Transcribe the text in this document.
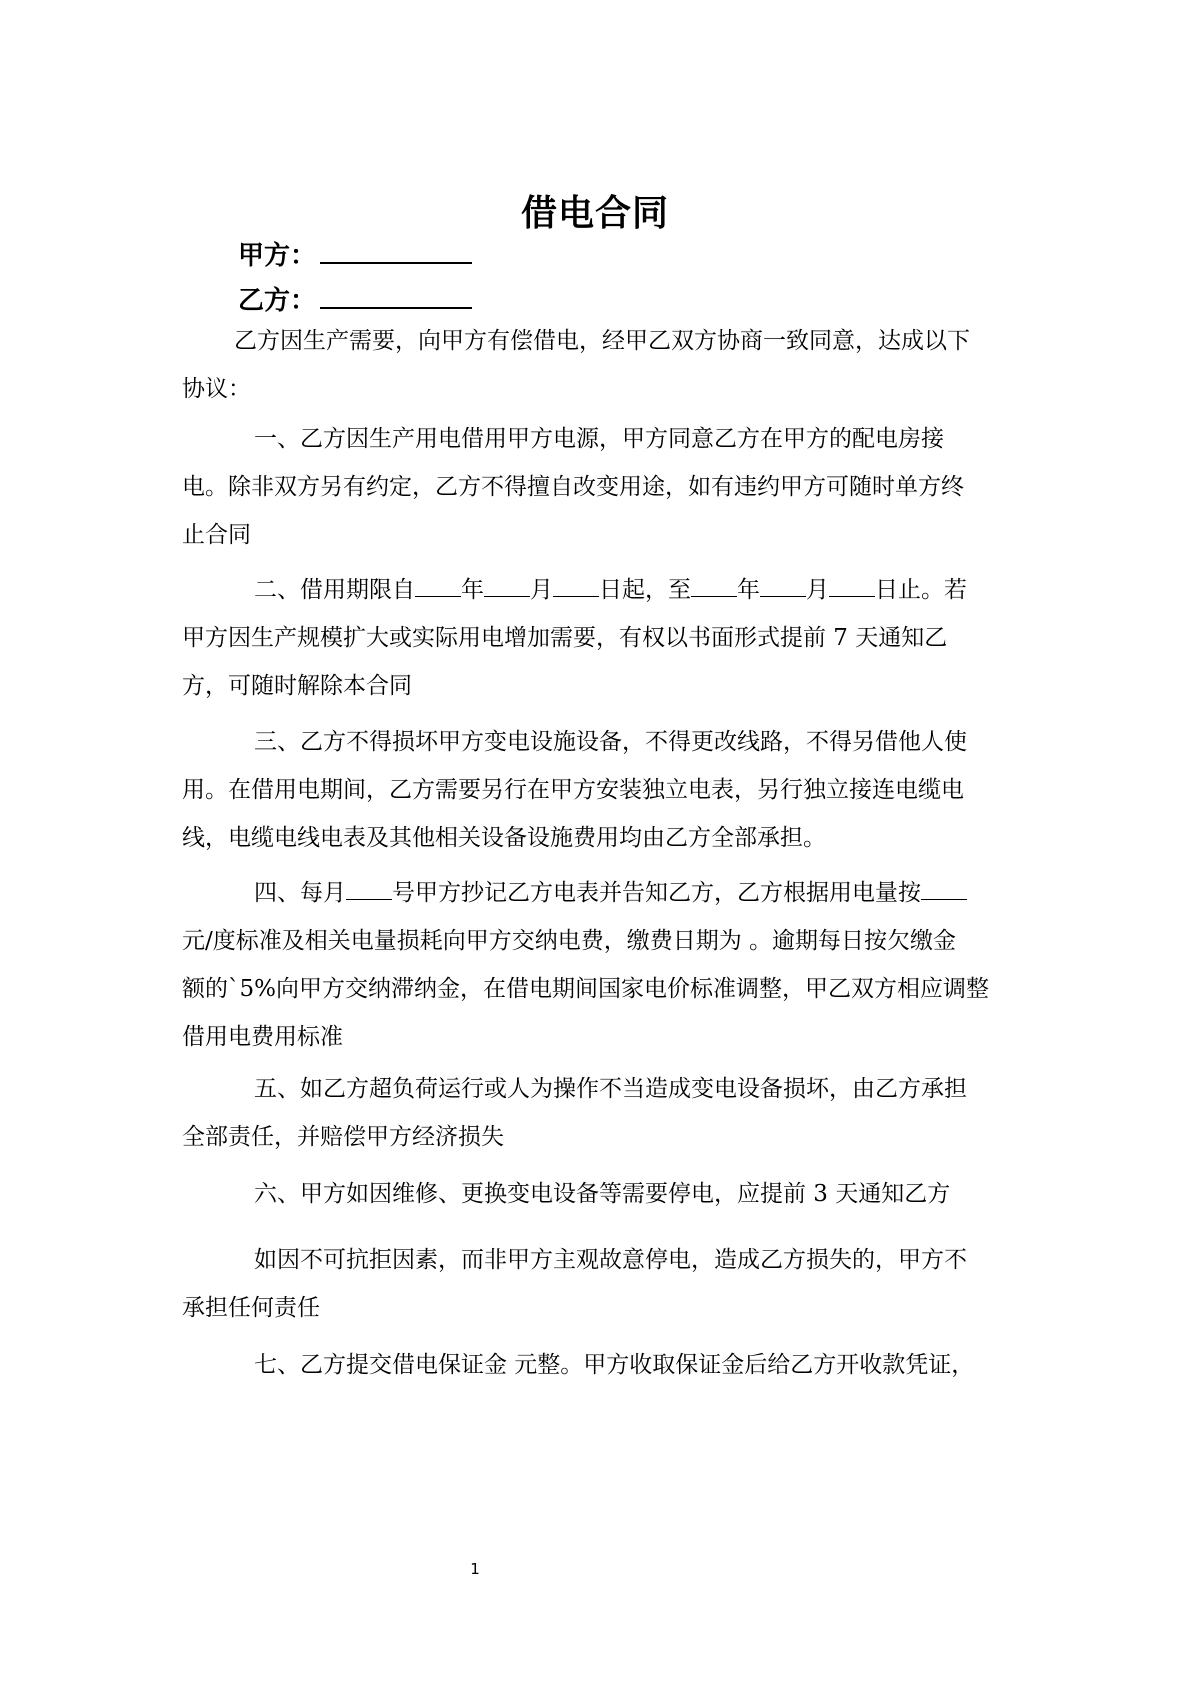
借电合同
甲方：
乙方：
乙方因生产需要，向甲方有偿借电，经甲乙双方协商一致同意，达成以下
协议：
一、乙方因生产用电借用甲方电源，甲方同意乙方在甲方的配电房接
电。除非双方另有约定，乙方不得擅自改变用途，如有违约甲方可随时单方终
止合同
二、借用期限自 年 月 日起，至 年 月 日止。若
甲方因生产规模扩大或实际用电增加需要，有权以书面形式提前 7 天通知乙
方，可随时解除本合同
三、乙方不得损坏甲方变电设施设备，不得更改线路，不得另借他人使
用。在借用电期间，乙方需要另行在甲方安装独立电表，另行独立接连电缆电
线，电缆电线电表及其他相关设备设施费用均由乙方全部承担。
四、每月 号甲方抄记乙方电表并告知乙方，乙方根据用电量按
元/度标准及相关电量损耗向甲方交纳电费，缴费日期为 。逾期每日按欠缴金
额的`5%向甲方交纳滞纳金，在借电期间国家电价标准调整，甲乙双方相应调整
借用电费用标准
五、如乙方超负荷运行或人为操作不当造成变电设备损坏，由乙方承担
全部责任，并赔偿甲方经济损失
六、甲方如因维修、更换变电设备等需要停电，应提前 3 天通知乙方
如因不可抗拒因素，而非甲方主观故意停电，造成乙方损失的，甲方不
承担任何责任
七、乙方提交借电保证金 元整。甲方收取保证金后给乙方开收款凭证，
1
